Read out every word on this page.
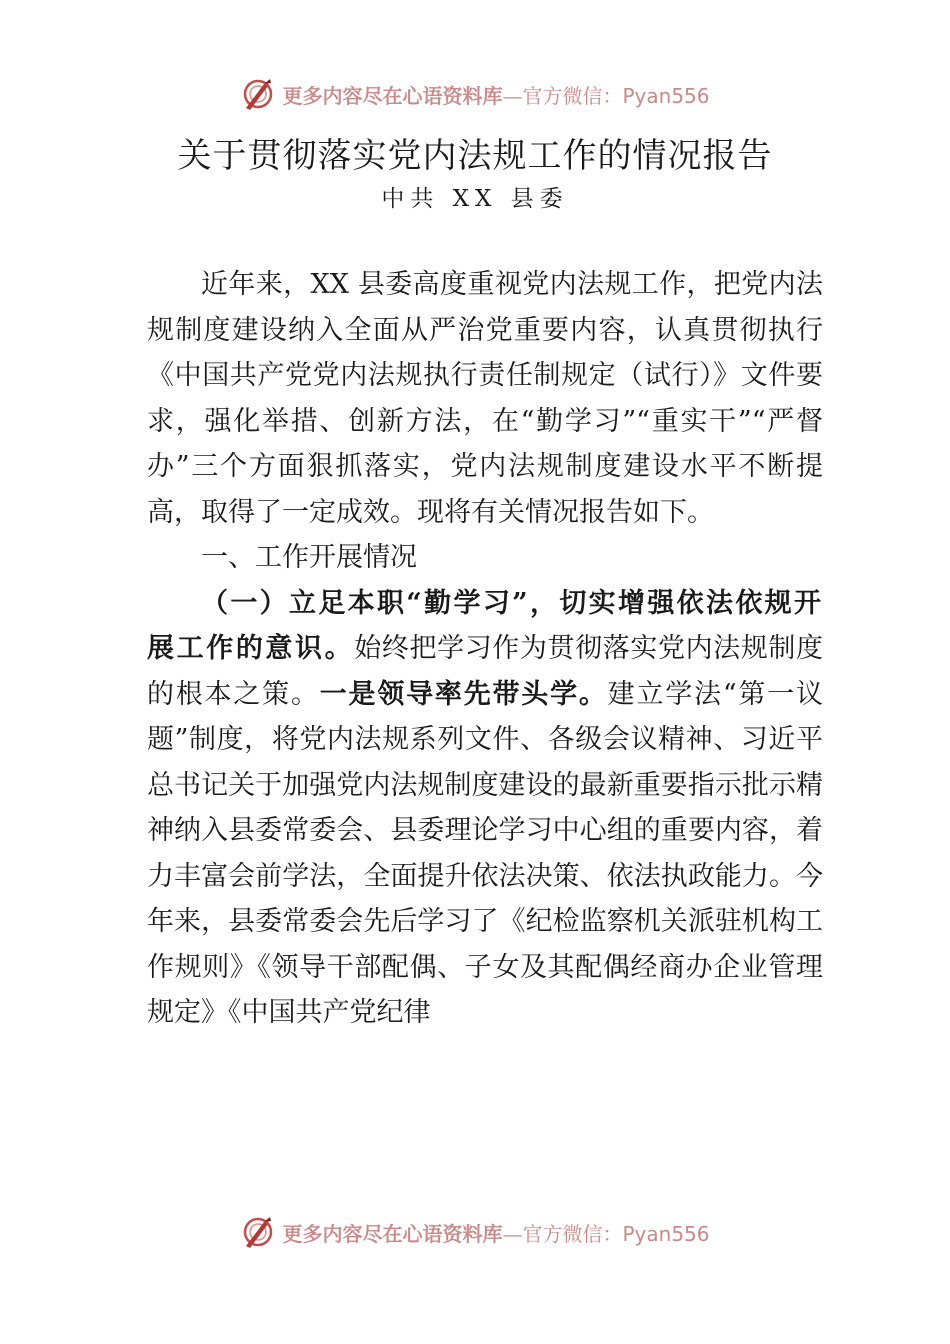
更多内容尽在心语资料库—官方微信：Pyan556
关于贯彻落实党内法规工作的情况报告
中共 XX 县委

近年来，XX 县委高度重视党内法规工作，把党内法规制度建设纳入全面从严治党重要内容，认真贯彻执行《中国共产党党内法规执行责任制规定（试行）》文件要求，强化举措、创新方法，在“勤学习”“重实干”“严督办”三个方面狠抓落实，党内法规制度建设水平不断提高，取得了一定成效。现将有关情况报告如下。

一、工作开展情况

（一）立足本职“勤学习”，切实增强依法依规开展工作的意识。始终把学习作为贯彻落实党内法规制度的根本之策。一是领导率先带头学。建立学法“第一议题”制度，将党内法规系列文件、各级会议精神、习近平总书记关于加强党内法规制度建设的最新重要指示批示精神纳入县委常委会、县委理论学习中心组的重要内容，着力丰富会前学法，全面提升依法决策、依法执政能力。今年来，县委常委会先后学习了《纪检监察机关派驻机构工作规则》《领导干部配偶、子女及其配偶经商办企业管理规定》《中国共产党纪律

更多内容尽在心语资料库—官方微信：Pyan556
